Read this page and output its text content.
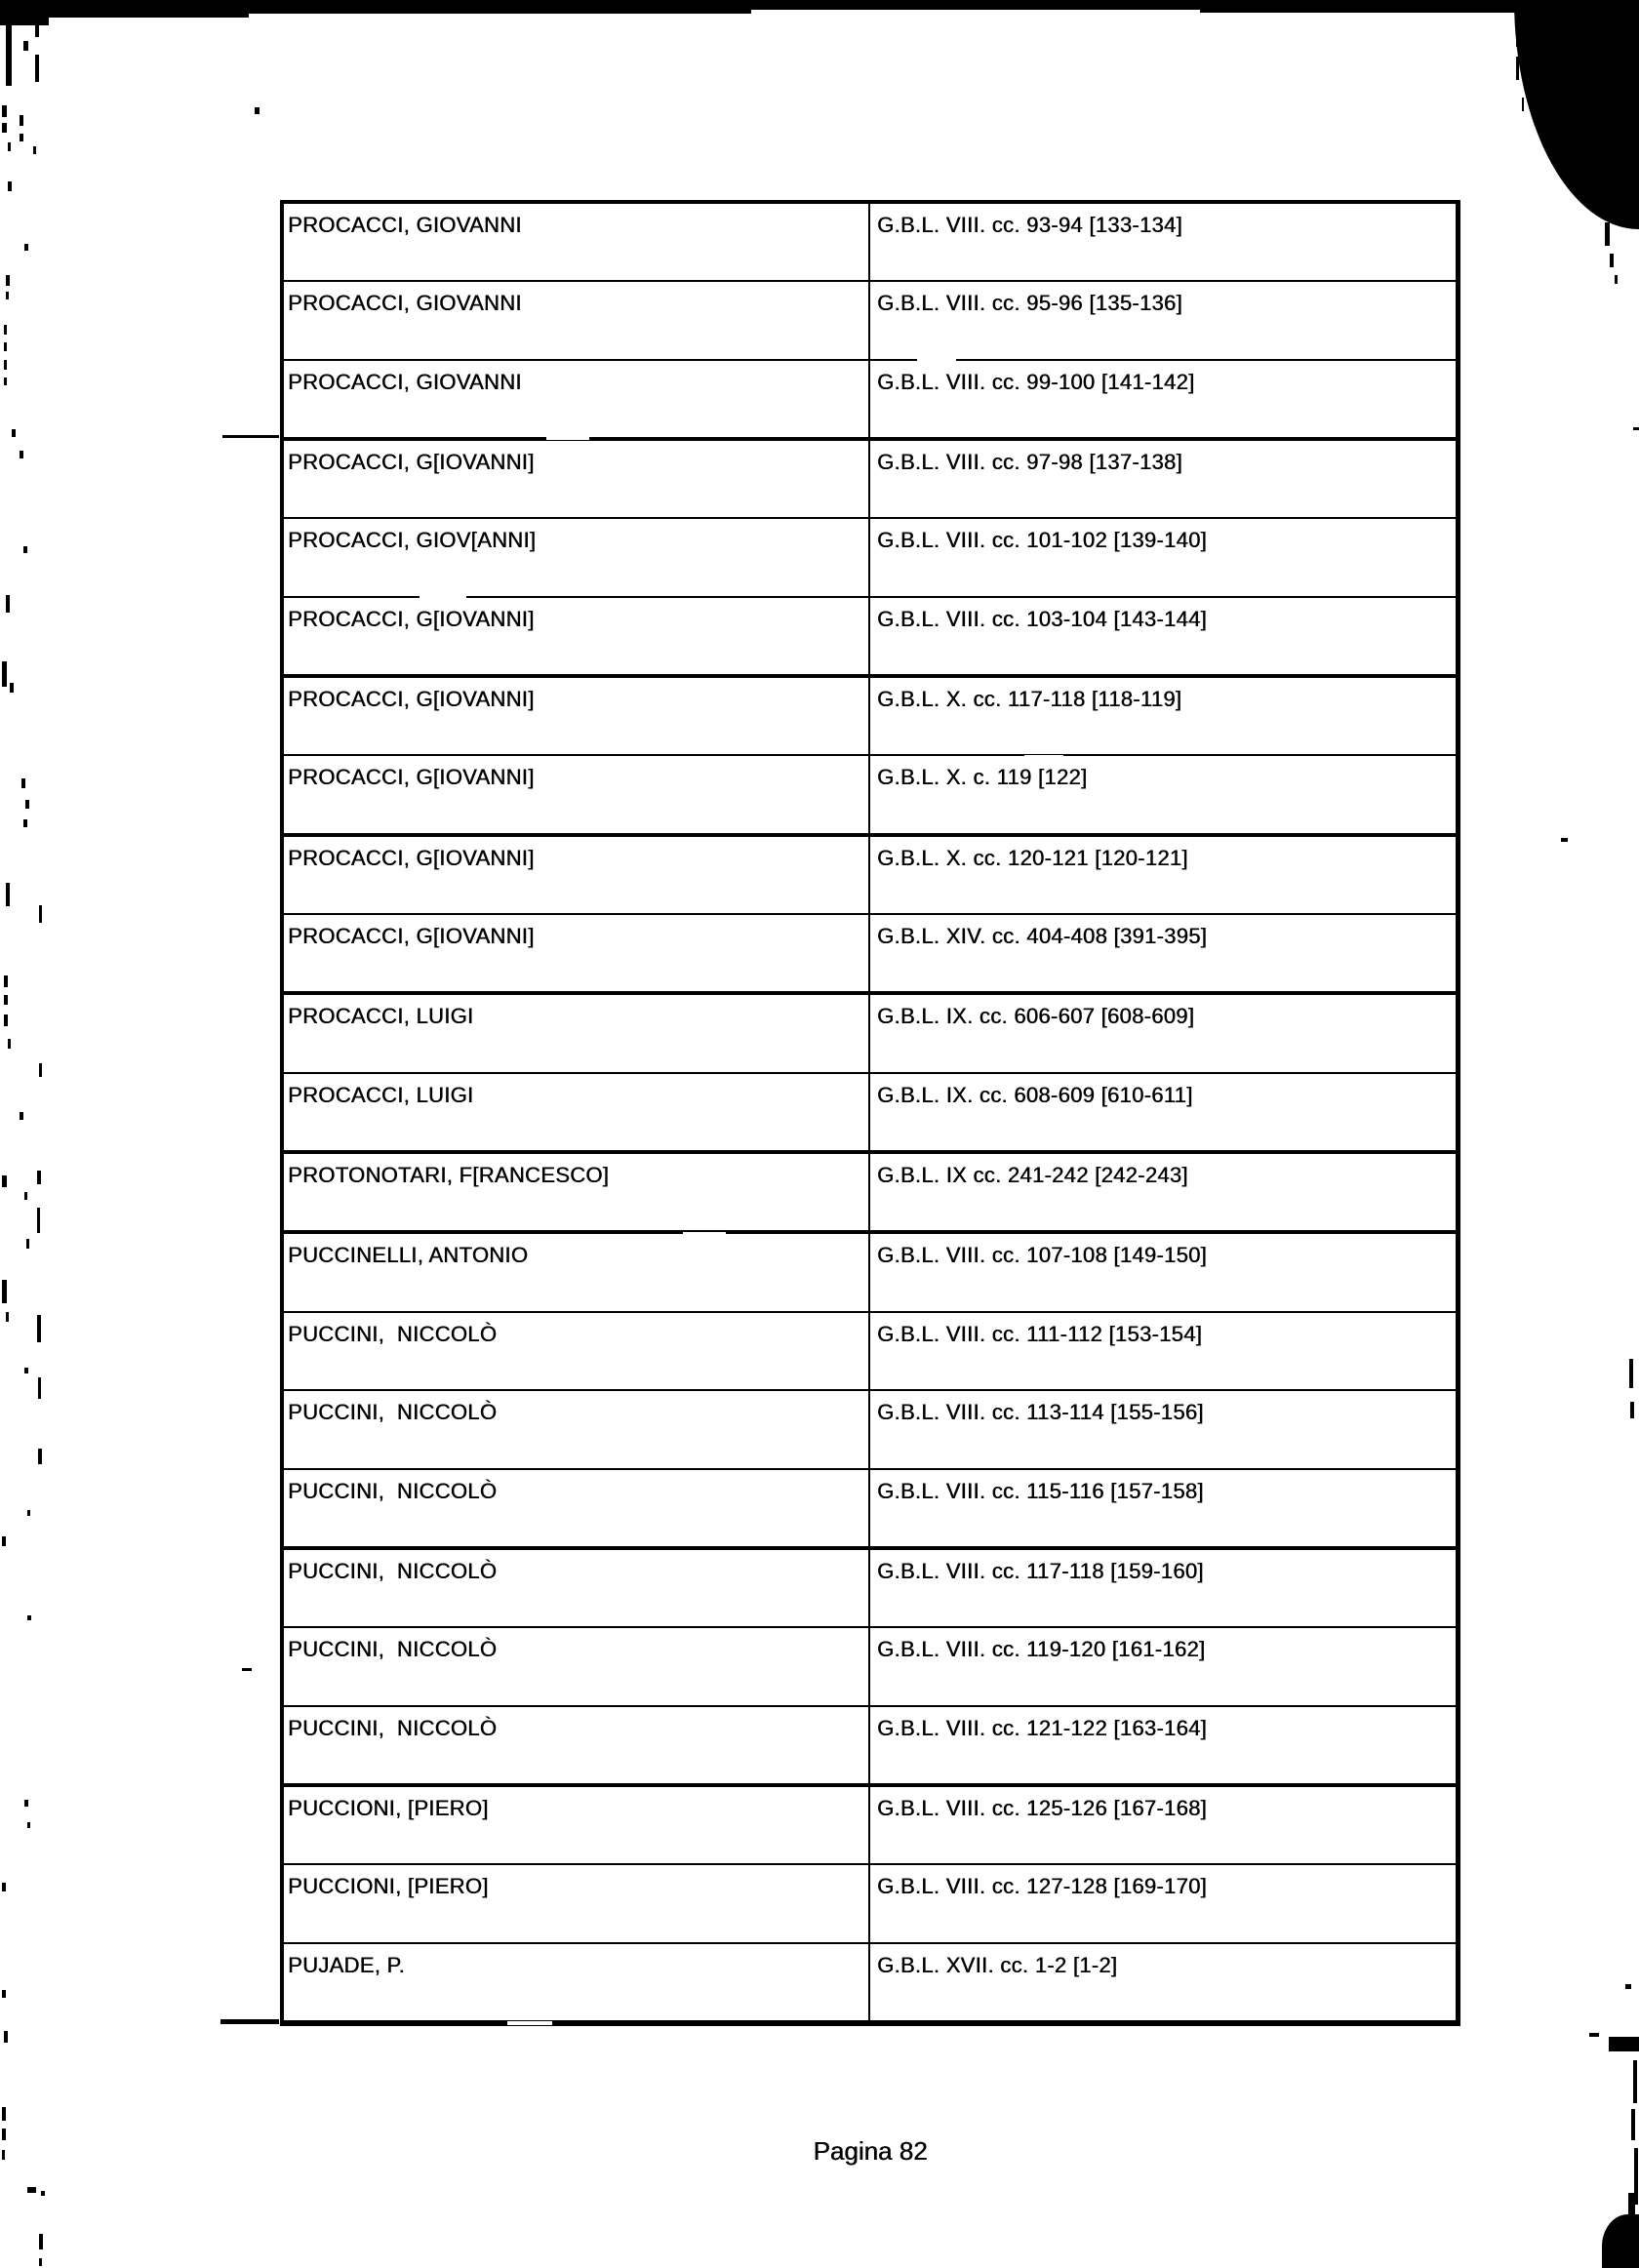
PROCACCI, GIOVANNI	G.B.L. VIII. cc. 93-94 [133-134]
PROCACCI, GIOVANNI	G.B.L. VIII. cc. 95-96 [135-136]
PROCACCI, GIOVANNI	G.B.L. VIII. cc. 99-100 [141-142]
PROCACCI, G[IOVANNI]	G.B.L. VIII. cc. 97-98 [137-138]
PROCACCI, GIOV[ANNI]	G.B.L. VIII. cc. 101-102 [139-140]
PROCACCI, G[IOVANNI]	G.B.L. VIII. cc. 103-104 [143-144]
PROCACCI, G[IOVANNI]	G.B.L. X. cc. 117-118 [118-119]
PROCACCI, G[IOVANNI]	G.B.L. X. c. 119 [122]
PROCACCI, G[IOVANNI]	G.B.L. X. cc. 120-121 [120-121]
PROCACCI, G[IOVANNI]	G.B.L. XIV. cc. 404-408 [391-395]
PROCACCI, LUIGI	G.B.L. IX. cc. 606-607 [608-609]
PROCACCI, LUIGI	G.B.L. IX. cc. 608-609 [610-611]
PROTONOTARI, F[RANCESCO]	G.B.L. IX cc. 241-242 [242-243]
PUCCINELLI, ANTONIO	G.B.L. VIII. cc. 107-108 [149-150]
PUCCINI,  NICCOLÒ	G.B.L. VIII. cc. 111-112 [153-154]
PUCCINI,  NICCOLÒ	G.B.L. VIII. cc. 113-114 [155-156]
PUCCINI,  NICCOLÒ	G.B.L. VIII. cc. 115-116 [157-158]
PUCCINI,  NICCOLÒ	G.B.L. VIII. cc. 117-118 [159-160]
PUCCINI,  NICCOLÒ	G.B.L. VIII. cc. 119-120 [161-162]
PUCCINI,  NICCOLÒ	G.B.L. VIII. cc. 121-122 [163-164]
PUCCIONI, [PIERO]	G.B.L. VIII. cc. 125-126 [167-168]
PUCCIONI, [PIERO]	G.B.L. VIII. cc. 127-128 [169-170]
PUJADE, P.	G.B.L. XVII. cc. 1-2 [1-2]
Pagina 82
